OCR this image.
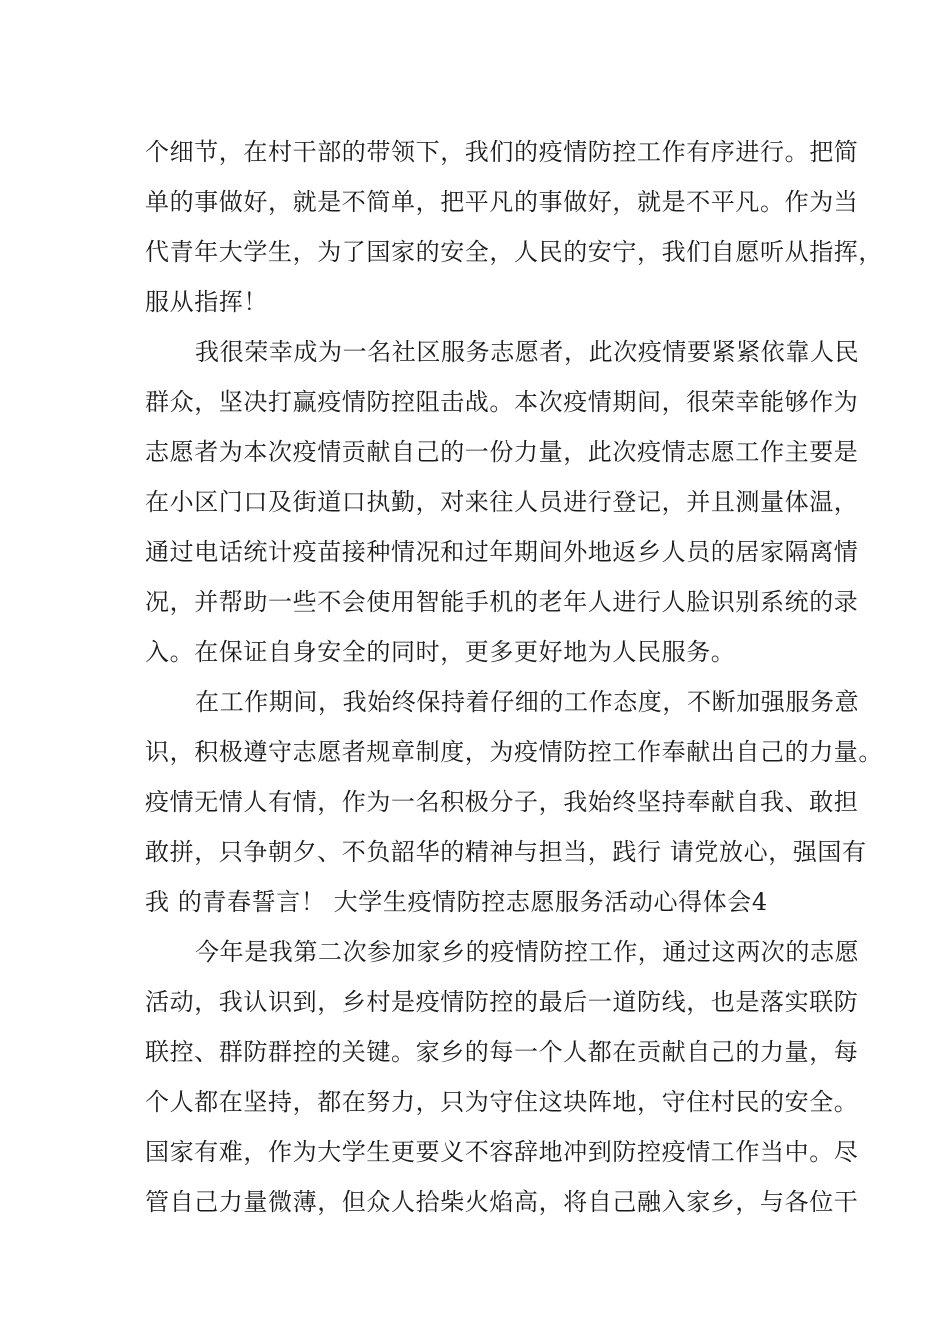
个细节，在村干部的带领下，我们的疫情防控工作有序进行。把简
单的事做好，就是不简单，把平凡的事做好，就是不平凡。作为当
代青年大学生，为了国家的安全，人民的安宁，我们自愿听从指挥，
服从指挥！
我很荣幸成为一名社区服务志愿者，此次疫情要紧紧依靠人民
群众，坚决打赢疫情防控阻击战。本次疫情期间，很荣幸能够作为
志愿者为本次疫情贡献自己的一份力量，此次疫情志愿工作主要是
在小区门口及街道口执勤，对来往人员进行登记，并且测量体温，
通过电话统计疫苗接种情况和过年期间外地返乡人员的居家隔离情
况，并帮助一些不会使用智能手机的老年人进行人脸识别系统的录
入。在保证自身安全的同时，更多更好地为人民服务。
在工作期间，我始终保持着仔细的工作态度，不断加强服务意
识，积极遵守志愿者规章制度，为疫情防控工作奉献出自己的力量。
疫情无情人有情，作为一名积极分子，我始终坚持奉献自我、敢担
敢拼，只争朝夕、不负韶华的精神与担当，践行 请党放心，强国有
我 的青春誓言！ 大学生疫情防控志愿服务活动心得体会4
今年是我第二次参加家乡的疫情防控工作，通过这两次的志愿
活动，我认识到，乡村是疫情防控的最后一道防线，也是落实联防
联控、群防群控的关键。家乡的每一个人都在贡献自己的力量，每
个人都在坚持，都在努力，只为守住这块阵地，守住村民的安全。
国家有难，作为大学生更要义不容辞地冲到防控疫情工作当中。尽
管自己力量微薄，但众人拾柴火焰高，将自己融入家乡，与各位干
